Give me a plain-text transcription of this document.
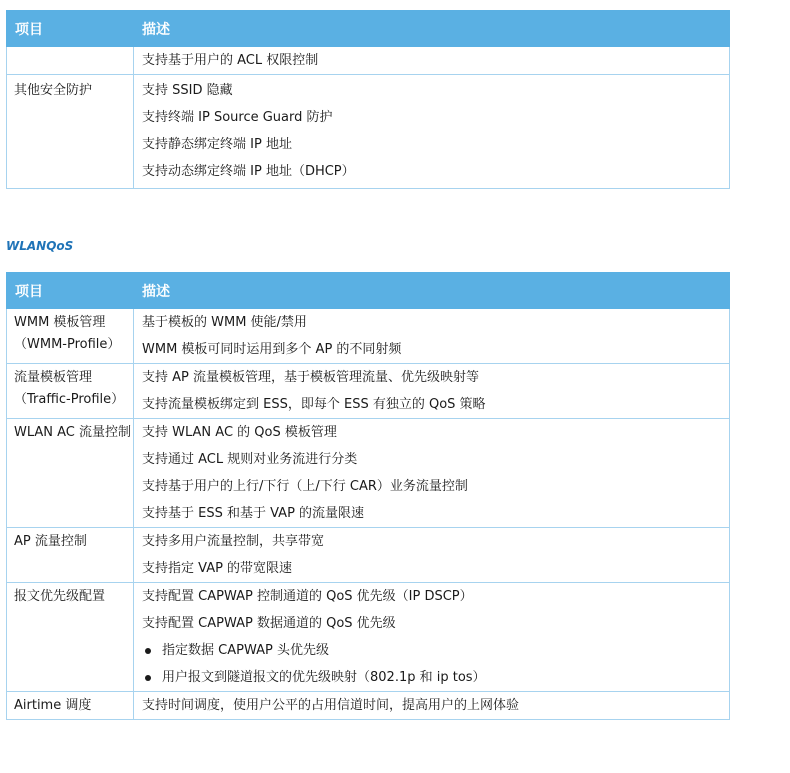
项目	描述

	支持基于用户的 ACL 权限控制

其他安全防护	支持 SSID 隐藏
支持终端 IP Source Guard 防护
支持静态绑定终端 IP 地址
支持动态绑定终端 IP 地址（DHCP）
WLANQoS
项目	描述

WMM 模板管理（WMM-Profile）	基于模板的 WMM 使能/禁用
WMM 模板可同时运用到多个 AP 的不同射频

流量模板管理（Traffic-Profile）	支持 AP 流量模板管理，基于模板管理流量、优先级映射等
支持流量模板绑定到 ESS，即每个 ESS 有独立的 QoS 策略

WLAN AC 流量控制	支持 WLAN AC 的 QoS 模板管理
支持通过 ACL 规则对业务流进行分类
支持基于用户的上行/下行（上/下行 CAR）业务流量控制
支持基于 ESS 和基于 VAP 的流量限速

AP 流量控制	支持多用户流量控制，共享带宽
支持指定 VAP 的带宽限速

报文优先级配置	支持配置 CAPWAP 控制通道的 QoS 优先级（IP DSCP）
支持配置 CAPWAP 数据通道的 QoS 优先级
指定数据 CAPWAP 头优先级
用户报文到隧道报文的优先级映射（802.1p 和 ip tos）

Airtime 调度	支持时间调度，使用户公平的占用信道时间，提高用户的上网体验
